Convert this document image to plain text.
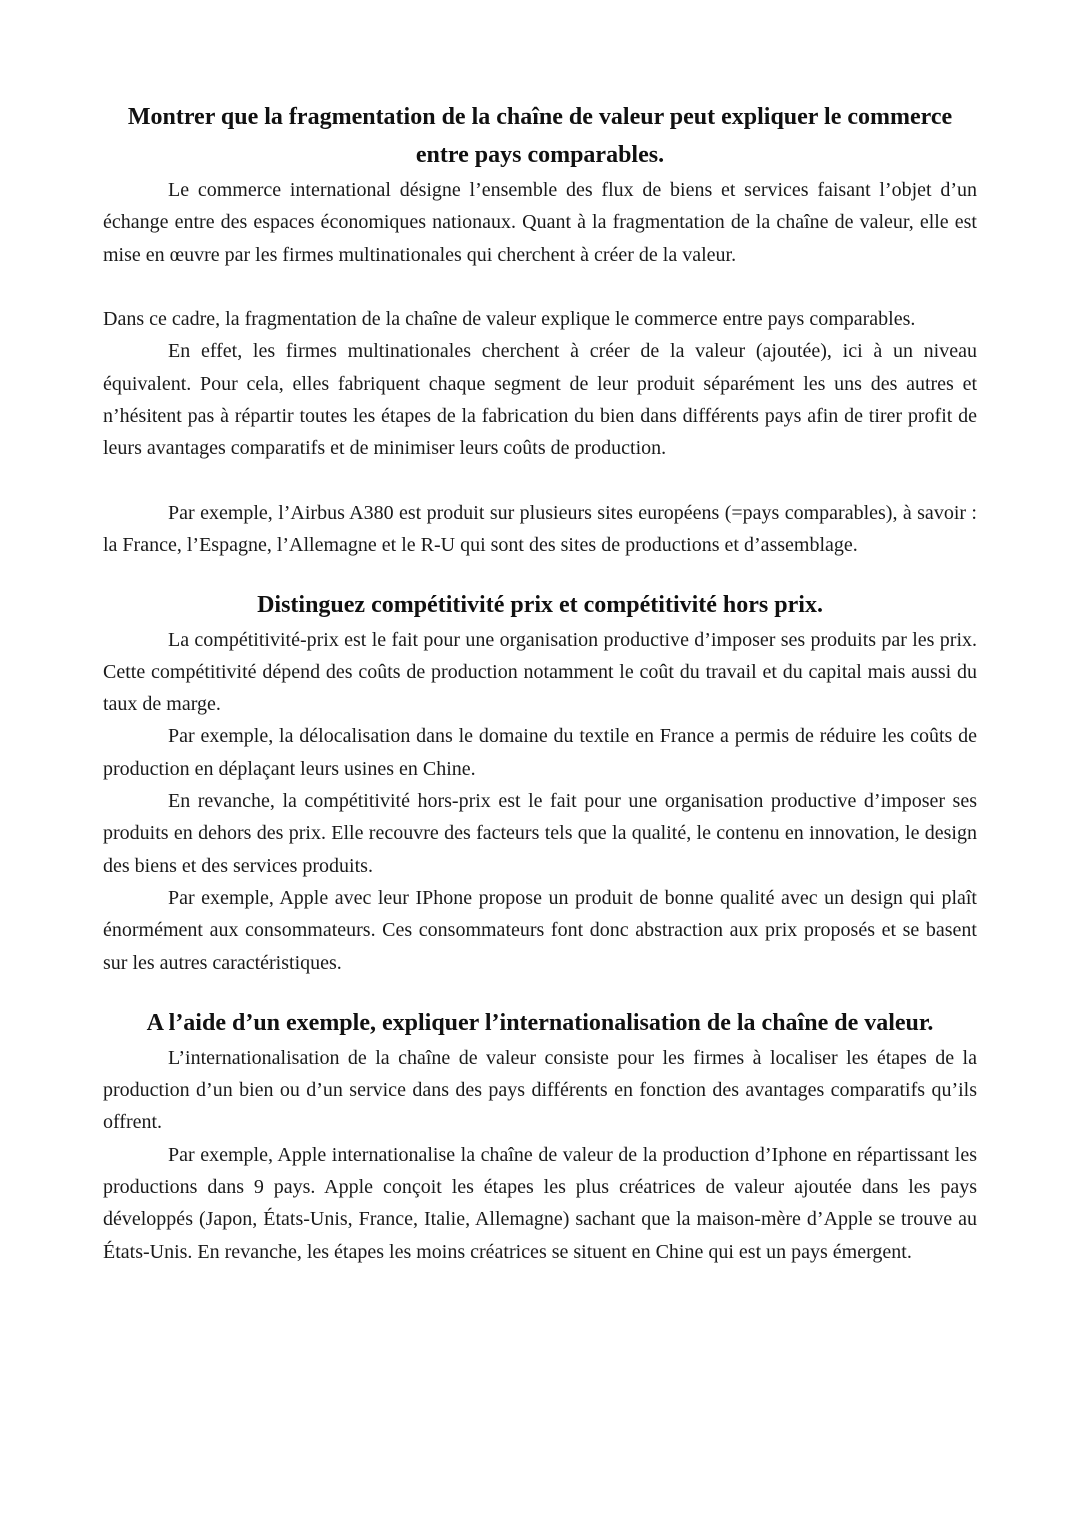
Montrer que la fragmentation de la chaîne de valeur peut expliquer le commerce entre pays comparables.

Le commerce international désigne l’ensemble des flux de biens et services faisant l’objet d’un échange entre des espaces économiques nationaux. Quant à la fragmentation de la chaîne de valeur, elle est mise en œuvre par les firmes multinationales qui cherchent à créer de la valeur.

Dans ce cadre, la fragmentation de la chaîne de valeur explique le commerce entre pays comparables.

En effet, les firmes multinationales cherchent à créer de la valeur (ajoutée), ici à un niveau équivalent. Pour cela, elles fabriquent chaque segment de leur produit séparément les uns des autres et n’hésitent pas à répartir toutes les étapes de la fabrication du bien dans différents pays afin de tirer profit de leurs avantages comparatifs et de minimiser leurs coûts de production.

Par exemple, l’Airbus A380 est produit sur plusieurs sites européens (=pays comparables), à savoir : la France, l’Espagne, l’Allemagne et le R-U qui sont des sites de productions et d’assemblage.

Distinguez compétitivité prix et compétitivité hors prix.

La compétitivité-prix est le fait pour une organisation productive d’imposer ses produits par les prix. Cette compétitivité dépend des coûts de production notamment le coût du travail et du capital mais aussi du taux de marge.

Par exemple, la délocalisation dans le domaine du textile en France a permis de réduire les coûts de production en déplaçant leurs usines en Chine.

En revanche, la compétitivité hors-prix est le fait pour une organisation productive d’imposer ses produits en dehors des prix. Elle recouvre des facteurs tels que la qualité, le contenu en innovation, le design des biens et des services produits.

Par exemple, Apple avec leur IPhone propose un produit de bonne qualité avec un design qui plaît énormément aux consommateurs. Ces consommateurs font donc abstraction aux prix proposés et se basent sur les autres caractéristiques.

A l’aide d’un exemple, expliquer l’internationalisation de la chaîne de valeur.

L’internationalisation de la chaîne de valeur consiste pour les firmes à localiser les étapes de la production d’un bien ou d’un service dans des pays différents en fonction des avantages comparatifs qu’ils offrent.

Par exemple, Apple internationalise la chaîne de valeur de la production d’Iphone en répartissant les productions dans 9 pays. Apple conçoit les étapes les plus créatrices de valeur ajoutée dans les pays développés (Japon, États-Unis, France, Italie, Allemagne) sachant que la maison-mère d’Apple se trouve au États-Unis. En revanche, les étapes les moins créatrices se situent en Chine qui est un pays émergent.
